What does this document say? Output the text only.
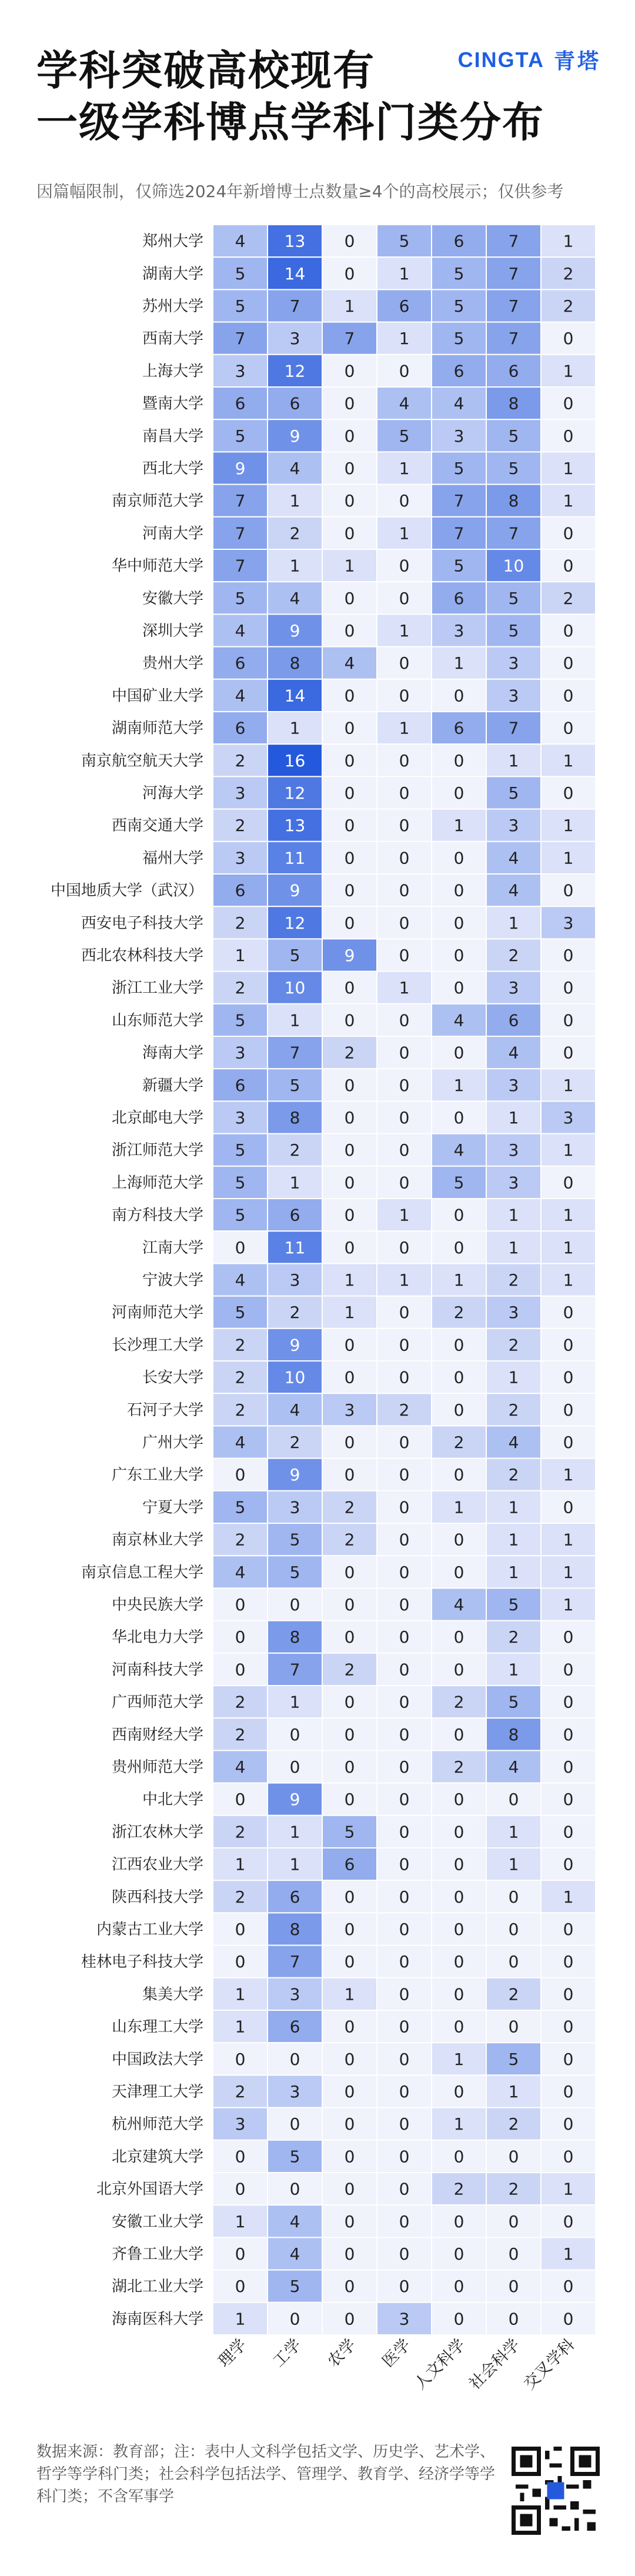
学科突破高校现有
一级学科博点学科门类分布
CINGTA 青塔
因篇幅限制，仅筛选2024年新增博士点数量≥4个的高校展示；仅供参考
郑州大学 4 13 0	5	6	7	1
湖南大学 5 14 0	1	5	7	2
苏州大学 5	7	1	6	5	7	2
西南大学 7	3	7	1	5	7	0
上海大学 3 12 0	0	6	6	1
暨南大学 6	6	0	4	4	8	0
南昌大学 5	9	0	5	3	5	0
西北大学 9	4	0	1	5	5	1
南京师范大学 7	1	0	0	7	8	1
河南大学 7	2	0	1	7	7	0
华中师范大学 7	1	1	0	5 10 0
安徽大学 5	4	0	0	6	5	2
深圳大学 4	9	0	1	3	5	0
贵州大学 6	8	4	0	1	3	0
中国矿业大学 4 14 0	0	0	3	0
湖南师范大学 6	1	0	1	6	7	0
南京航空航天大学 2 16 0	0	0	1	1
河海大学 3 12 0	0	0	5	0
西南交通大学 2 13 0	0	1	3	1
福州大学 3 11 0	0	0	4	1
中国地质大学（武汉） 6	9	0	0	0	4	0
西安电子科技大学 2 12 0	0	0	1	3
西北农林科技大学 1	5	9	0	0	2	0
浙江工业大学 2 10 0	1	0	3	0
山东师范大学 5	1	0	0	4	6	0
海南大学 3	7	2	0	0	4	0
新疆大学 6	5	0	0	1	3	1
北京邮电大学 3	8	0	0	0	1	3
浙江师范大学 5	2	0	0	4	3	1
上海师范大学 5	1	0	0	5	3	0
南方科技大学 5	6	0	1	0	1	1
江南大学 0 11 0	0	0	1	1
宁波大学 4	3	1	1	1	2	1
河南师范大学 5	2	1	0	2	3	0
长沙理工大学 2	9	0	0	0	2	0
长安大学 2 10 0	0	0	1	0
石河子大学 2	4	3	2	0	2	0
广州大学 4	2	0	0	2	4	0
广东工业大学 0	9	0	0	0	2	1
宁夏大学 5	3	2	0	1	1	0
南京林业大学 2	5	2	0	0	1	1
南京信息工程大学 4	5	0	0	0	1	1
中央民族大学 0	0	0	0	4	5	1
华北电力大学 0	8	0	0	0	2	0
河南科技大学 0	7	2	0	0	1	0
广西师范大学 2	1	0	0	2	5	0
西南财经大学 2	0	0	0	0	8	0
贵州师范大学 4	0	0	0	2	4	0
中北大学 0	9	0	0	0	0	0
浙江农林大学 2	1	5	0	0	1	0
江西农业大学 1	1	6	0	0	1	0
陕西科技大学 2	6	0	0	0	0	1
内蒙古工业大学 0	8	0	0	0	0	0
桂林电子科技大学 0	7	0	0	0	0	0
集美大学 1	3	1	0	0	2	0
山东理工大学 1	6	0	0	0	0	0
中国政法大学 0	0	0	0	1	5	0
天津理工大学 2	3	0	0	0	1	0
杭州师范大学 3	0	0	0	1	2	0
北京建筑大学 0	5	0	0	0	0	0
北京外国语大学 0	0	0	0	2	2	1
安徽工业大学 1	4	0	0	0	0	0
齐鲁工业大学 0	4	0	0	0	0	1
湖北工业大学 0	5	0	0	0	0	0
海南医科大学 1	0	0	3	0	0	0
理学 工学 农学 医学
人文科学
社会科学
交叉学科
数据来源：教育部；注：表中人文科学包括文学、历史学、艺术学、哲学等学科门类；社会科学包括法学、管理学、教育学、经济学等学科门类；不含军事学
